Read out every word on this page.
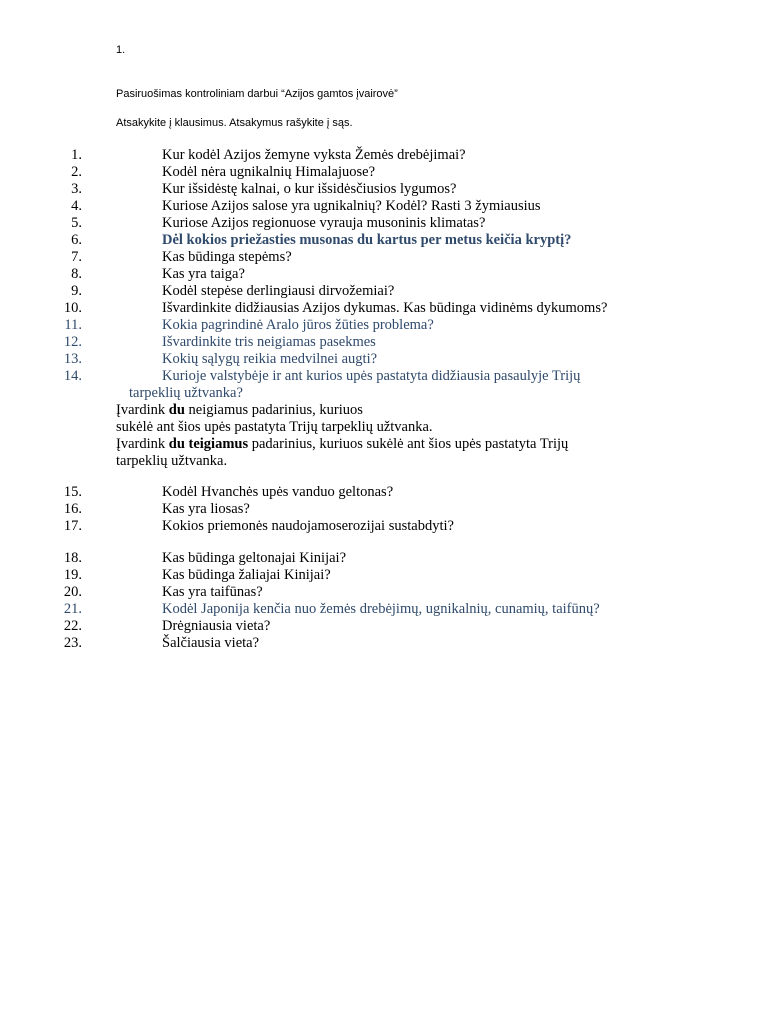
1.
Pasiruošimas kontroliniam darbui “Azijos gamtos įvairovė”
Atsakykite į klausimus. Atsakymus rašykite į sąs.
1.	Kur kodėl Azijos žemyne vyksta Žemės drebėjimai?
2.	Kodėl nėra ugnikalnių Himalajuose?
3.	Kur išsidėstę kalnai, o kur išsidėsčiusios lygumos?
4.	Kuriose Azijos salose yra ugnikalnių? Kodėl? Rasti 3 žymiausius
5.	Kuriose Azijos regionuose vyrauja musoninis klimatas?
6.	Dėl kokios priežasties musonas du kartus per metus keičia kryptį?
7.	Kas būdinga stepėms?
8.	Kas yra taiga?
9.	Kodėl stepėse derlingiausi dirvožemiai?
10.	Išvardinkite didžiausias Azijos dykumas. Kas būdinga vidinėms dykumoms?
11.	Kokia pagrindinė Aralo jūros žūties problema?
12.	Išvardinkite tris neigiamas pasekmes
13.	Kokių sąlygų reikia medvilnei augti?
14.	Kurioje valstybėje ir ant kurios upės pastatyta didžiausia pasaulyje Trijų
tarpeklių užtvanka?
Įvardink du neigiamus padarinius, kuriuos
sukėlė ant šios upės pastatyta Trijų tarpeklių užtvanka.
Įvardink du teigiamus padarinius, kuriuos sukėlė ant šios upės pastatyta Trijų
tarpeklių užtvanka.
15.	Kodėl Hvanchės upės vanduo geltonas?
16.	Kas yra liosas?
17.	Kokios priemonės naudojamoserozijai sustabdyti?
18.	Kas būdinga geltonajai Kinijai?
19.	Kas būdinga žaliajai Kinijai?
20.	Kas yra taifūnas?
21.	Kodėl Japonija kenčia nuo žemės drebėjimų, ugnikalnių, cunamių, taifūnų?
22.	Drėgniausia vieta?
23.	Šalčiausia vieta?
